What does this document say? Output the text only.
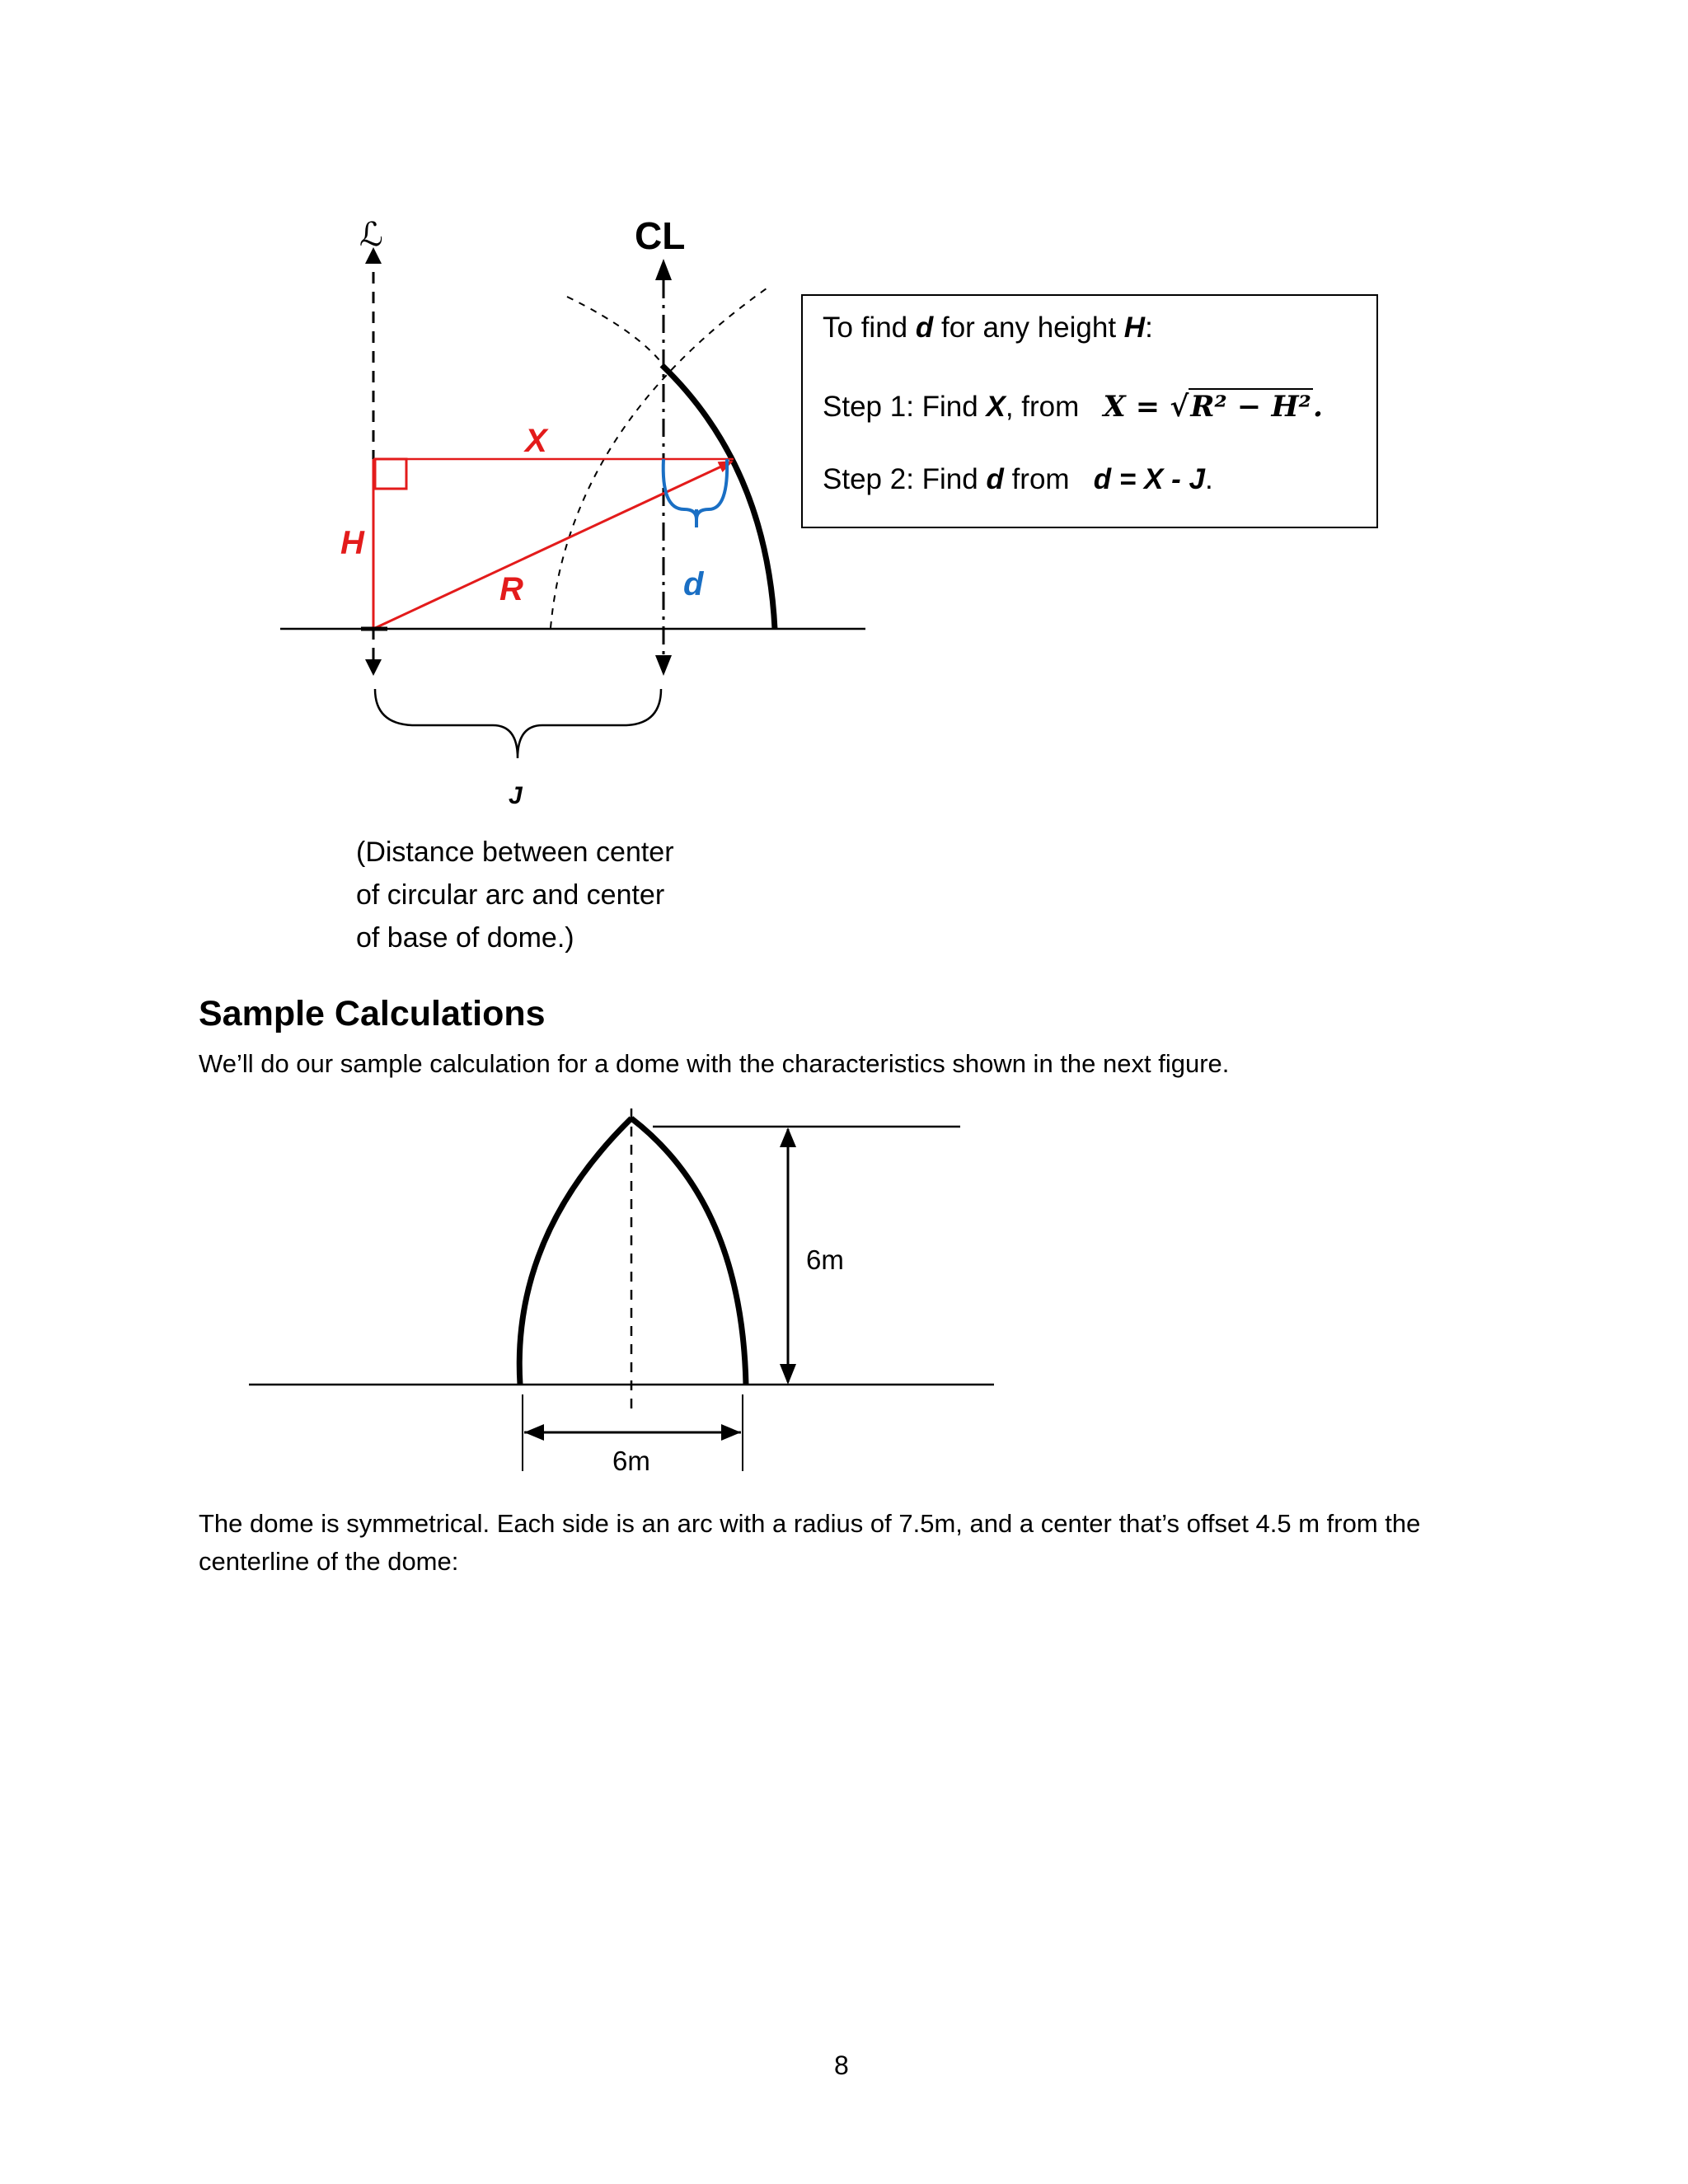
ℒ	CL
X
H
R	d
J

To find d for any height H:

Step 1: Find X, from X = √R² − H².

Step 2: Find d from d = X - J.

(Distance between center
of circular arc and center
of base of dome.)
Sample Calculations
We’ll do our sample calculation for a dome with the characteristics shown in the next figure.
6m
6m
The dome is symmetrical. Each side is an arc with a radius of 7.5m, and a center that’s offset 4.5 m from the centerline of the dome:
8
